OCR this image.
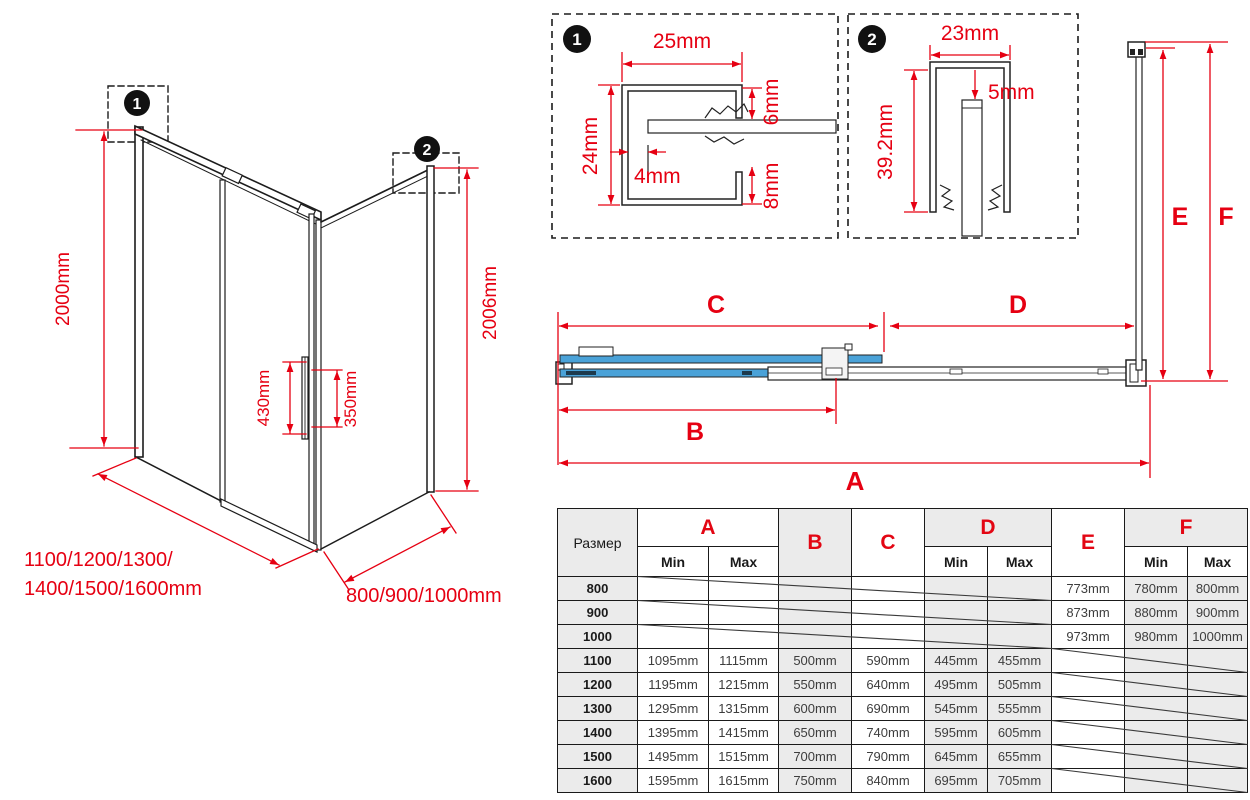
1
2
2000mm	2006mm
430mm	350mm
1100/1200/1300/
1400/1500/1600mm	800/900/1000mm
1	25mm
24mm
4mm
6mm
8mm
2	23mm
5mm
39.2mm
C	D
B
A
E F
Размер	A		B	C	D		E	F	
	Min	Max			Min	Max		Min	Max
800							773mm	780mm	800mm
900							873mm	880mm	900mm
1000							973mm	980mm	1000mm
1100	1095mm	1115mm	500mm	590mm	445mm	455mm			
1200	1195mm	1215mm	550mm	640mm	495mm	505mm			
1300	1295mm	1315mm	600mm	690mm	545mm	555mm			
1400	1395mm	1415mm	650mm	740mm	595mm	605mm			
1500	1495mm	1515mm	700mm	790mm	645mm	655mm			
1600	1595mm	1615mm	750mm	840mm	695mm	705mm			
